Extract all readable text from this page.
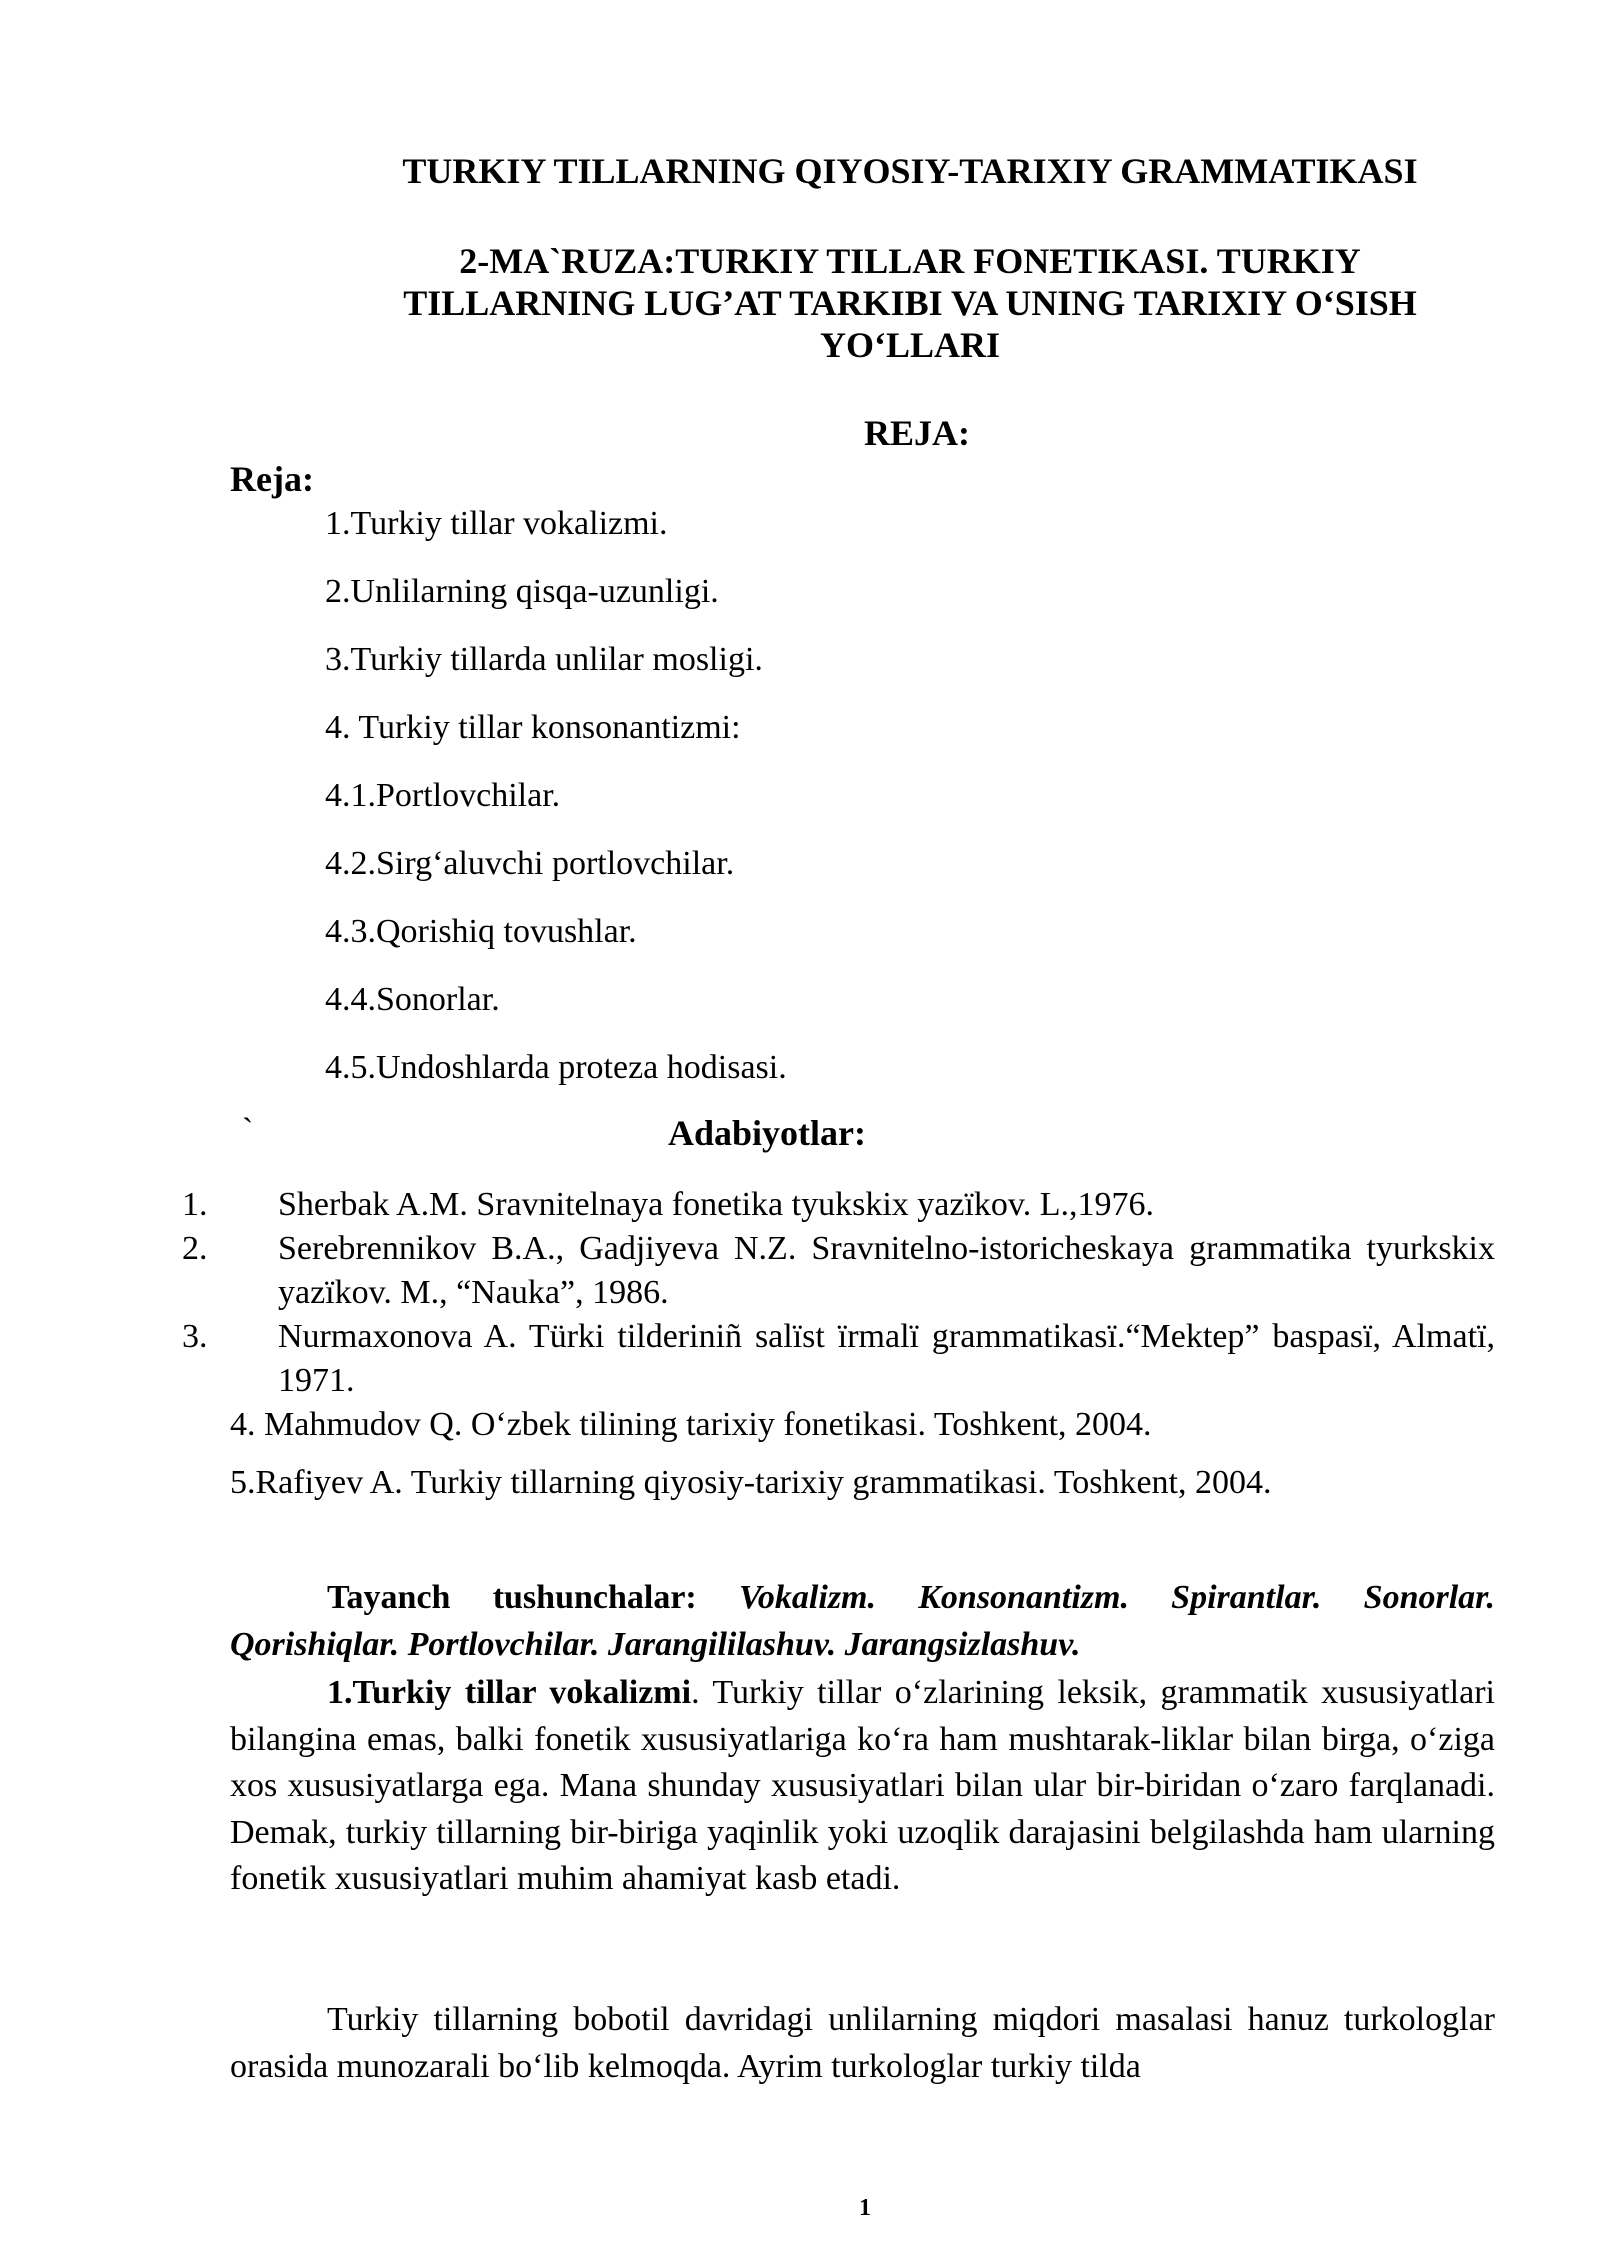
TURKIY TILLARNING QIYOSIY-TARIXIY GRAMMATIKASI
2-MA`RUZA:TURKIY TILLAR FONETIKASI. TURKIY
TILLARNING LUG’AT TARKIBI VA UNING TARIXIY O‘SISH
YO‘LLARI
REJA:
Reja:
1.Turkiy tillar vokalizmi.
2.Unlilarning qisqa-uzunligi.
3.Turkiy tillarda unlilar mosligi.
4. Turkiy tillar konsonantizmi:
4.1.Portlovchilar.
4.2.Sirg‘aluvchi portlovchilar.
4.3.Qorishiq tovushlar.
4.4.Sonorlar.
4.5.Undoshlarda proteza hodisasi.
`	Adabiyotlar:
1. Sherbak A.M. Sravnitelnaya fonetika tyukskix yazïkov. L.,1976.
2. Serebrennikov B.A., Gadjiyeva N.Z. Sravnitelno-istoricheskaya grammatika tyurkskix yazïkov. M., “Nauka”, 1986.
3. Nurmaxonova A. Türki tilderiniñ salïst ïrmalï grammatikasï.“Mektep” baspasï, Almatï, 1971.
4. Mahmudov Q. O‘zbek tilining tarixiy fonetikasi. Toshkent, 2004.
5.Rafiyev A. Turkiy tillarning qiyosiy-tarixiy grammatikasi. Toshkent, 2004.

Tayanch tushunchalar: Vokalizm. Konsonantizm. Spirantlar. Sonorlar. Qorishiqlar. Portlovchilar. Jarangililashuv. Jarangsizlashuv.

1.Turkiy tillar vokalizmi. Turkiy tillar o‘zlarining leksik, grammatik xususiyatlari bilangina emas, balki fonetik xususiyatlariga ko‘ra ham mushtarak-liklar bilan birga, o‘ziga xos xususiyatlarga ega. Mana shunday xususiyatlari bilan ular bir-biridan o‘zaro farqlanadi. Demak, turkiy tillarning bir-biriga yaqinlik yoki uzoqlik darajasini belgilashda ham ularning fonetik xususiyatlari muhim ahamiyat kasb etadi.

Turkiy tillarning bobotil davridagi unlilarning miqdori masalasi hanuz turkologlar orasida munozarali bo‘lib kelmoqda. Ayrim turkologlar turkiy tilda

1
